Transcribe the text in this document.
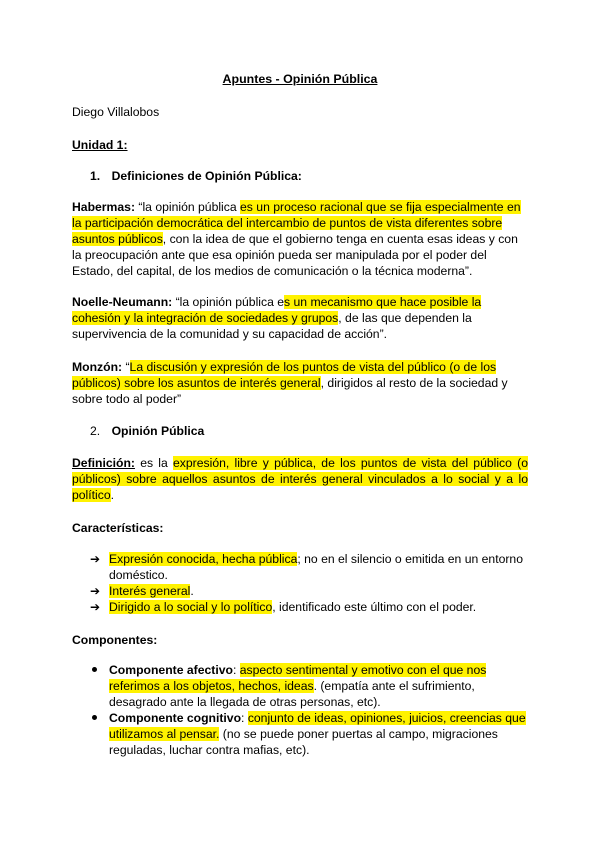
Apuntes - Opinión Pública
Diego Villalobos
Unidad 1:
1. Definiciones de Opinión Pública:
Habermas: “la opinión pública es un proceso racional que se fija especialmente en la participación democrática del intercambio de puntos de vista diferentes sobre asuntos públicos, con la idea de que el gobierno tenga en cuenta esas ideas y con la preocupación ante que esa opinión pueda ser manipulada por el poder del Estado, del capital, de los medios de comunicación o la técnica moderna”.
Noelle-Neumann: “la opinión pública es un mecanismo que hace posible la cohesión y la integración de sociedades y grupos, de las que dependen la supervivencia de la comunidad y su capacidad de acción”.
Monzón: “La discusión y expresión de los puntos de vista del público (o de los públicos) sobre los asuntos de interés general, dirigidos al resto de la sociedad y sobre todo al poder”
2. Opinión Pública
Definición: es la expresión, libre y pública, de los puntos de vista del público (o públicos) sobre aquellos asuntos de interés general vinculados a lo social y a lo político.
Características:
➔ Expresión conocida, hecha pública; no en el silencio o emitida en un entorno doméstico.
➔ Interés general.
➔ Dirigido a lo social y lo político, identificado este último con el poder.
Componentes:
Componente afectivo: aspecto sentimental y emotivo con el que nos referimos a los objetos, hechos, ideas. (empatía ante el sufrimiento, desagrado ante la llegada de otras personas, etc).
Componente cognitivo: conjunto de ideas, opiniones, juicios, creencias que utilizamos al pensar. (no se puede poner puertas al campo, migraciones reguladas, luchar contra mafias, etc).
